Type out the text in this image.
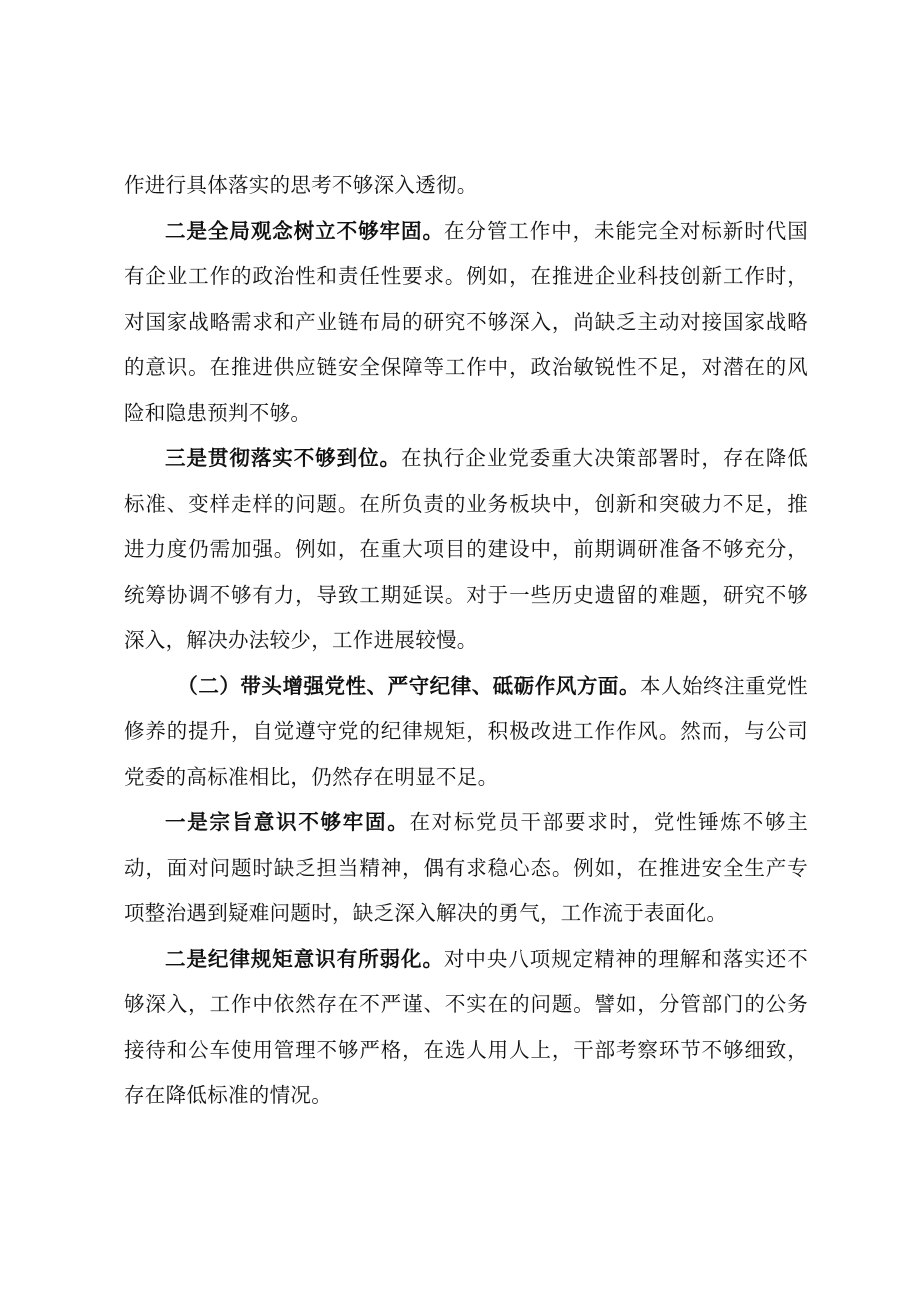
作进行具体落实的思考不够深入透彻。

二是全局观念树立不够牢固。在分管工作中，未能完全对标新时代国有企业工作的政治性和责任性要求。例如，在推进企业科技创新工作时，对国家战略需求和产业链布局的研究不够深入，尚缺乏主动对接国家战略的意识。在推进供应链安全保障等工作中，政治敏锐性不足，对潜在的风险和隐患预判不够。

三是贯彻落实不够到位。在执行企业党委重大决策部署时，存在降低标准、变样走样的问题。在所负责的业务板块中，创新和突破力不足，推进力度仍需加强。例如，在重大项目的建设中，前期调研准备不够充分，统筹协调不够有力，导致工期延误。对于一些历史遗留的难题，研究不够深入，解决办法较少，工作进展较慢。

（二）带头增强党性、严守纪律、砥砺作风方面。本人始终注重党性修养的提升，自觉遵守党的纪律规矩，积极改进工作作风。然而，与公司党委的高标准相比，仍然存在明显不足。

一是宗旨意识不够牢固。在对标党员干部要求时，党性锤炼不够主动，面对问题时缺乏担当精神，偶有求稳心态。例如，在推进安全生产专项整治遇到疑难问题时，缺乏深入解决的勇气，工作流于表面化。

二是纪律规矩意识有所弱化。对中央八项规定精神的理解和落实还不够深入，工作中依然存在不严谨、不实在的问题。譬如，分管部门的公务接待和公车使用管理不够严格，在选人用人上，干部考察环节不够细致，存在降低标准的情况。
